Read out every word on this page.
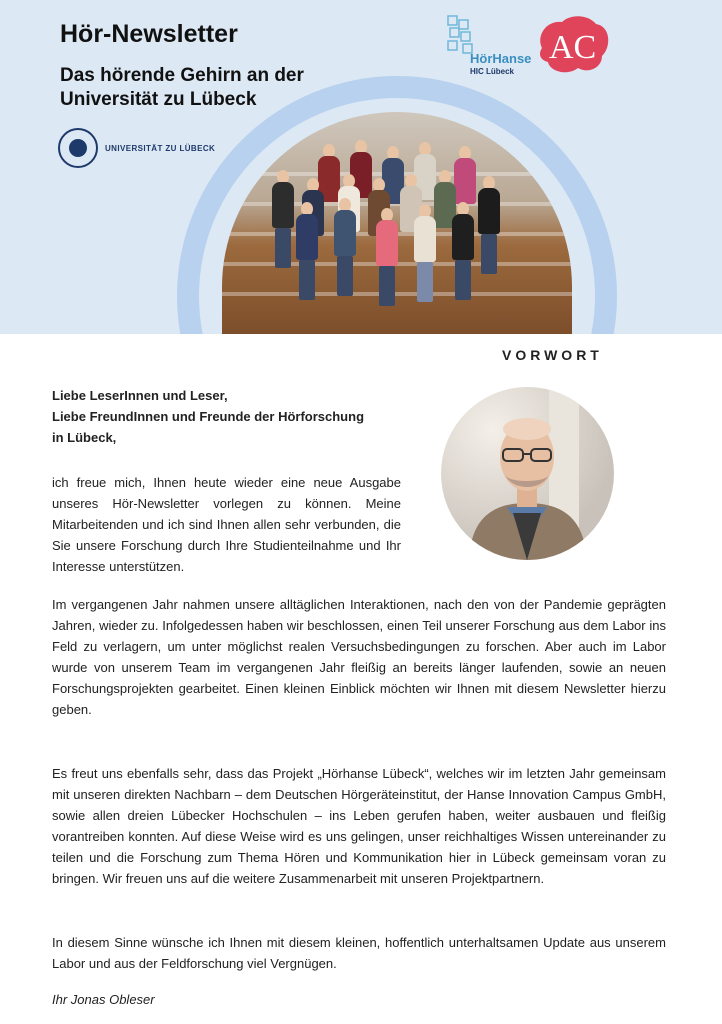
Hör-Newsletter
Das hörende Gehirn an der Universität zu Lübeck
UNIVERSITÄT ZU LÜBECK
HörHanse
HIC Lübeck
AC
VORWORT
Liebe LeserInnen und Leser,
Liebe FreundInnen und Freunde der Hörforschung
in Lübeck,

ich freue mich, Ihnen heute wieder eine neue Ausgabe unseres Hör-Newsletter vorlegen zu können. Meine Mitarbeitenden und ich sind Ihnen allen sehr verbunden, die Sie unsere Forschung durch Ihre Studienteilnahme und Ihr Interesse unterstützen.

Im vergangenen Jahr nahmen unsere alltäglichen Interaktionen, nach den von der Pandemie geprägten Jahren, wieder zu. Infolgedessen haben wir beschlossen, einen Teil unserer Forschung aus dem Labor ins Feld zu verlagern, um unter möglichst realen Versuchsbedingungen zu forschen. Aber auch im Labor wurde von unserem Team im vergangenen Jahr fleißig an bereits länger laufenden, sowie an neuen Forschungsprojekten gearbeitet. Einen kleinen Einblick möchten wir Ihnen mit diesem Newsletter hierzu geben.

Es freut uns ebenfalls sehr, dass das Projekt „Hörhanse Lübeck“, welches wir im letzten Jahr gemeinsam mit unseren direkten Nachbarn – dem Deutschen Hörgeräteinstitut, der Hanse Innovation Campus GmbH, sowie allen dreien Lübecker Hochschulen – ins Leben gerufen haben, weiter ausbauen und fleißig vorantreiben konnten. Auf diese Weise wird es uns gelingen, unser reichhaltiges Wissen untereinander zu teilen und die Forschung zum Thema Hören und Kommunikation hier in Lübeck gemeinsam voran zu bringen. Wir freuen uns auf die weitere Zusammenarbeit mit unseren Projektpartnern.

In diesem Sinne wünsche ich Ihnen mit diesem kleinen, hoffentlich unterhaltsamen Update aus unserem Labor und aus der Feldforschung viel Vergnügen.

Ihr Jonas Obleser
